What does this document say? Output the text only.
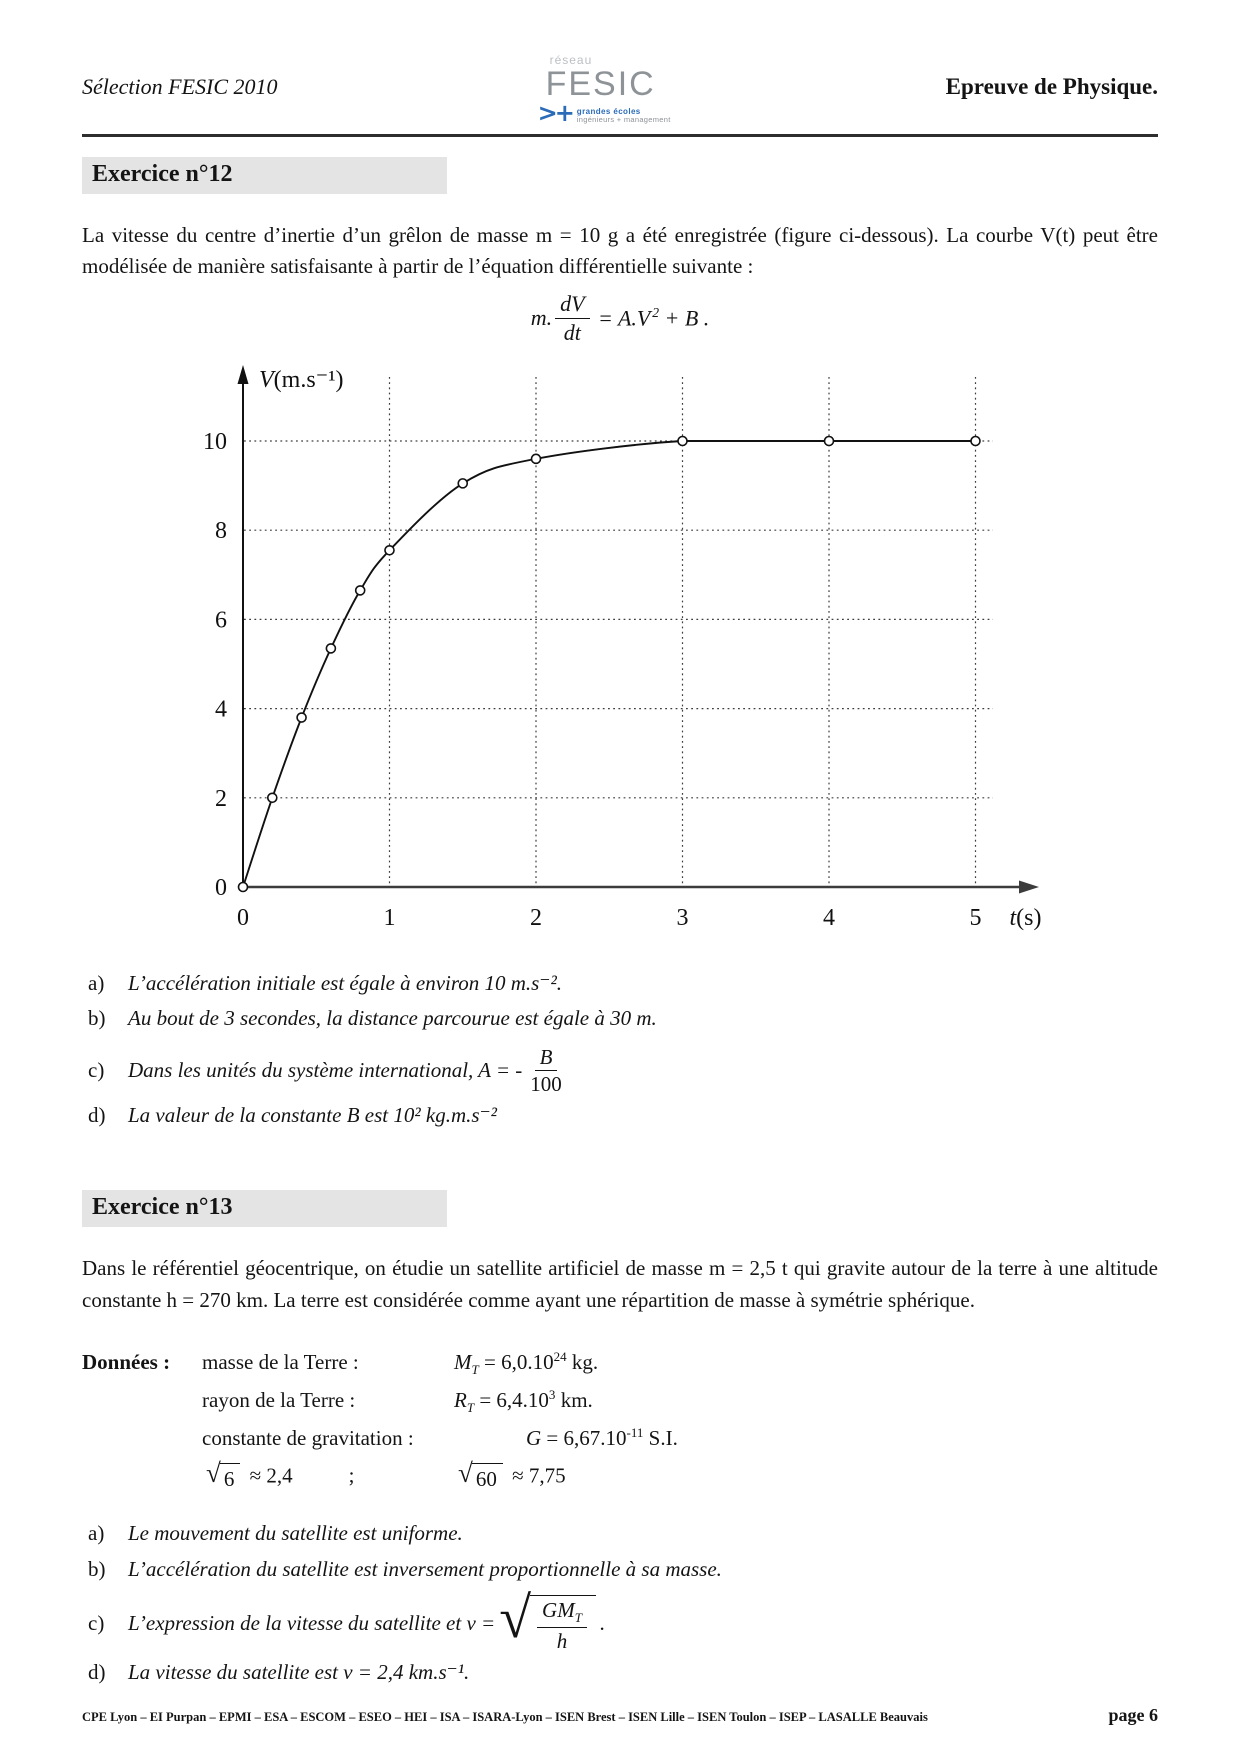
Sélection FESIC 2010
réseau
FESIC
>+ grandes écoles
ingénieurs + management
Epreuve de Physique.
Exercice n°12

La vitesse du centre d’inertie d’un grêlon de masse m = 10 g a été enregistrée (figure ci-dessous). La courbe V(t) peut être modélisée de manière satisfaisante à partir de l’équation différentielle suivante :

m. $\frac{dV}{dt}$
= A.V  $^2$ + B .
0
2
4
6
8
10
0	1	2	3	4	5
V(m.s⁻¹)
t(s)
a)	L’accélération initiale est égale à environ 10 m.s⁻².
b)	Au bout de 3 secondes, la distance parcourue est égale à 30 m.
c)	Dans les unités du système international, A = - $\frac{B}{100}$
d)	La valeur de la constante B est 10² kg.m.s⁻²
Exercice n°13

Dans le référentiel géocentrique, on étudie un satellite artificiel de masse m = 2,5 t qui gravite autour de la terre à une altitude constante h = 270 km. La terre est considérée comme ayant une répartition de masse à symétrie sphérique.

Données :	masse de la Terre :	$M_T = 6,0.10^{24}$ kg.
rayon de la Terre :	$R_T = 6,4.10^3$ km.
constante de gravitation :	$G = 6,67.10^{-11}$ S.I.
√ 6 ≈ 2,4	;	√ 60 ≈ 7,75
a)	Le mouvement du satellite est uniforme.
b)	L’accélération du satellite est inversement proportionnelle à sa masse.
c)	L’expression de la vitesse du satellite et v = √ $\frac{GM_T}{h}$ .
d)	La vitesse du satellite est v = 2,4 km.s⁻¹.
CPE Lyon – EI Purpan – EPMI – ESA – ESCOM – ESEO – HEI – ISA – ISARA-Lyon – ISEN Brest – ISEN Lille – ISEN Toulon – ISEP – LASALLE Beauvais	page 6
